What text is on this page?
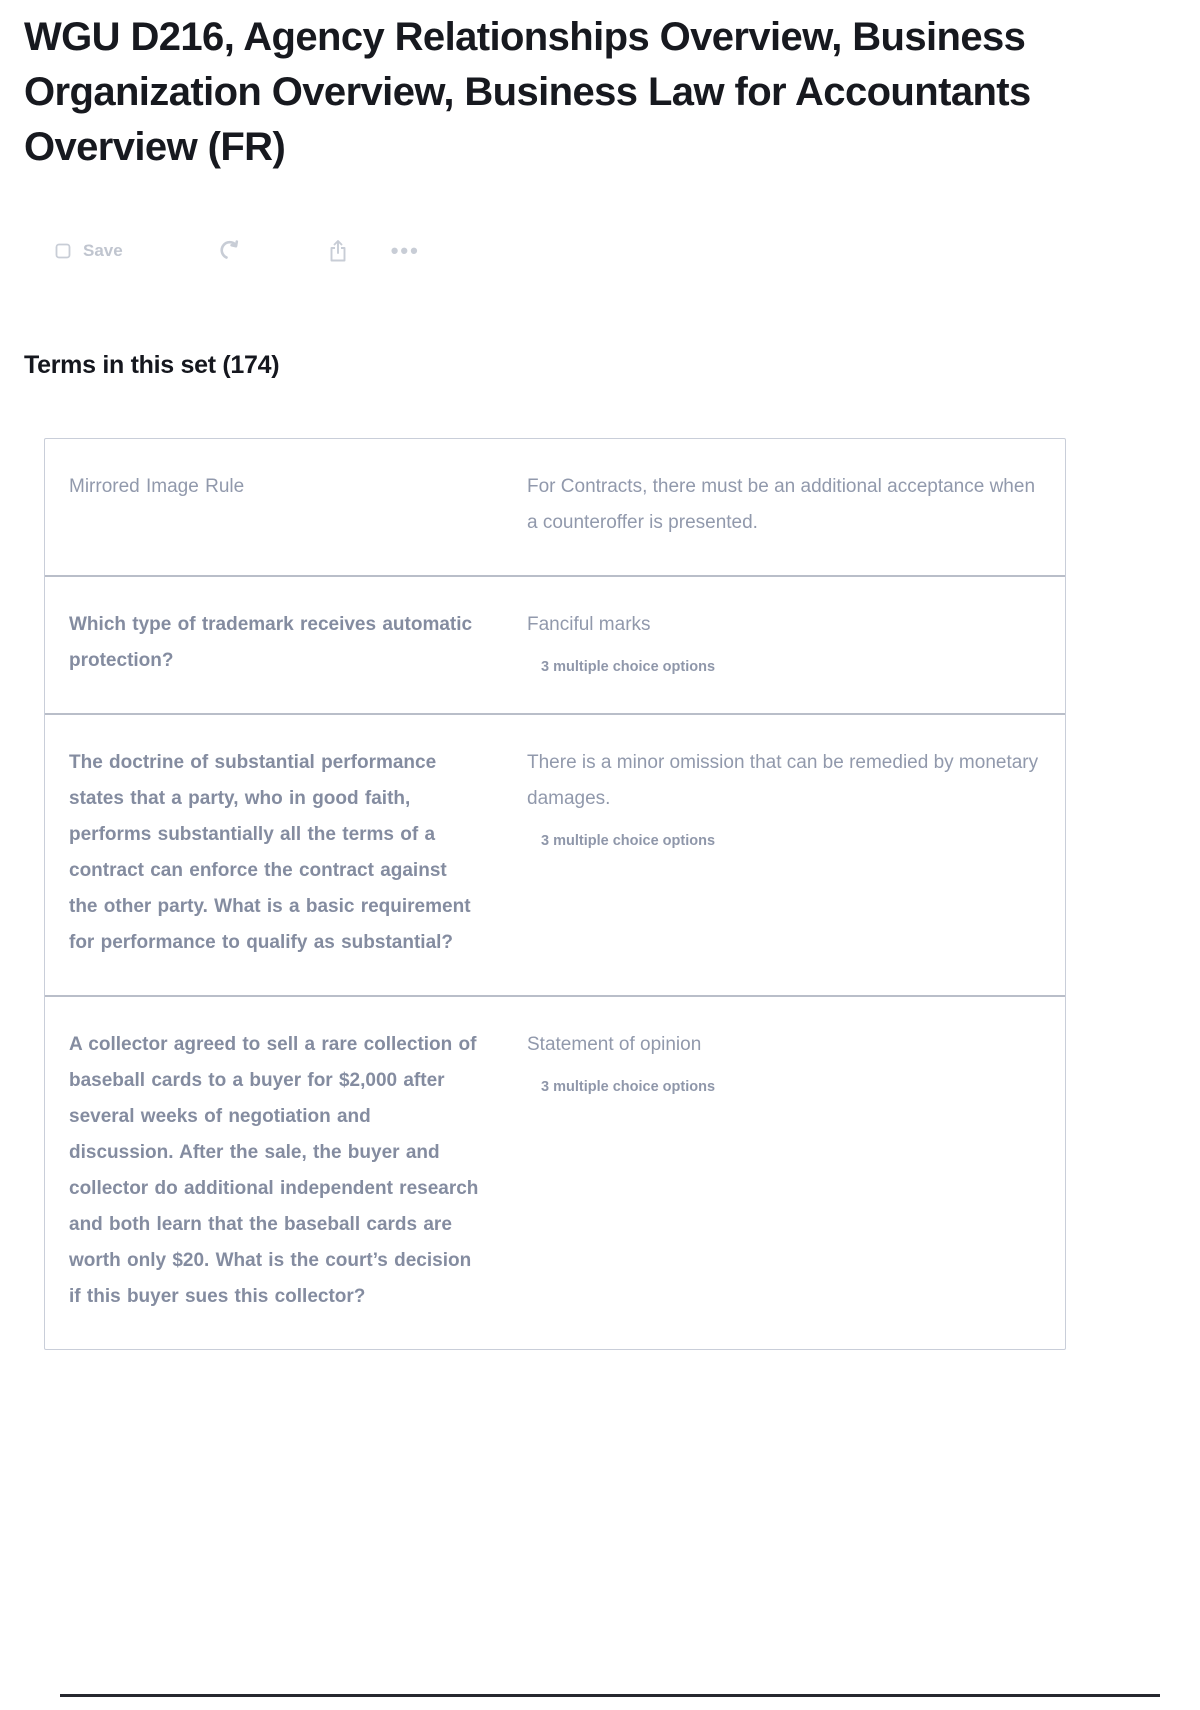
WGU D216, Agency Relationships Overview, Business Organization Overview, Business Law for Accountants Overview (FR)
Save	•••
Terms in this set (174)
Mirrored Image Rule	For Contracts, there must be an additional acceptance when a counteroffer is presented.
Which type of trademark receives automatic protection?
Fanciful marks
3 multiple choice options
The doctrine of substantial performance states that a party, who in good faith, performs substantially all the terms of a contract can enforce the contract against the other party. What is a basic requirement for performance to qualify as substantial?
There is a minor omission that can be remedied by monetary damages.
3 multiple choice options
A collector agreed to sell a rare collection of baseball cards to a buyer for $2,000 after several weeks of negotiation and discussion. After the sale, the buyer and collector do additional independent research and both learn that the baseball cards are worth only $20. What is the court’s decision if this buyer sues this collector?
Statement of opinion
3 multiple choice options
